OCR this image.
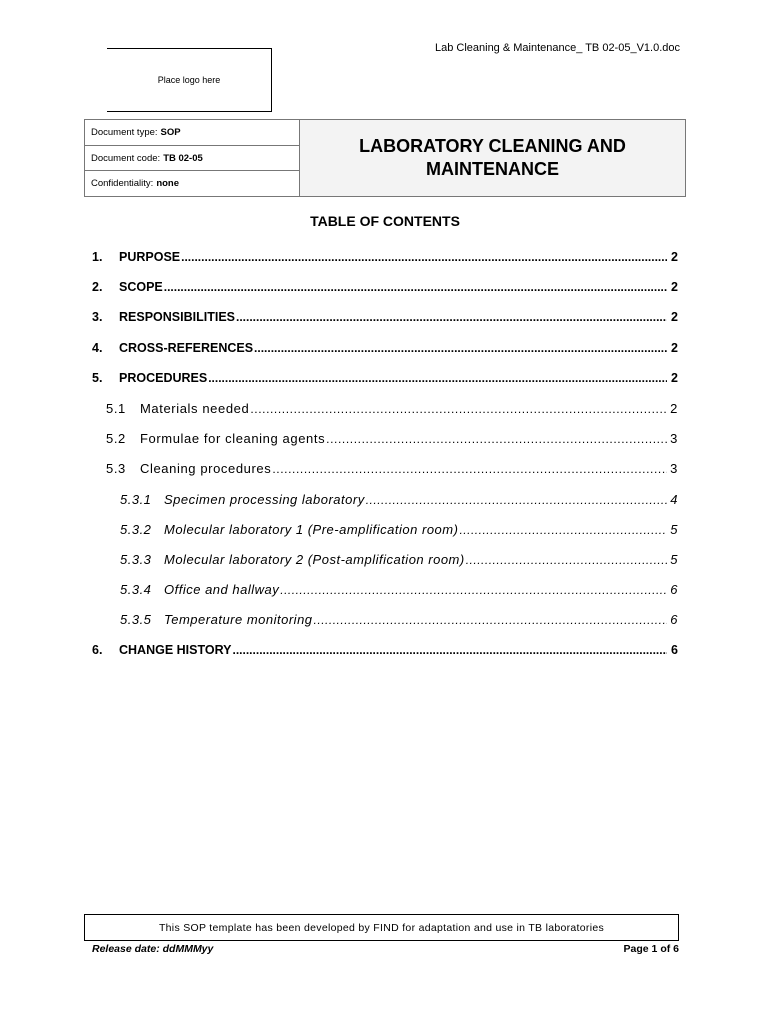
Lab Cleaning & Maintenance_ TB 02-05_V1.0.doc
Place logo here
Document type: SOP
Document code: TB 02-05
Confidentiality: none
LABORATORY CLEANING AND
MAINTENANCE
TABLE OF CONTENTS
1.	PURPOSE .....	2
2.	SCOPE .....	2
3.	RESPONSIBILITIES .....	2
4.	CROSS-REFERENCES .....	2
5.	PROCEDURES .....	2
5.1	Materials needed .....	2
5.2	Formulae for cleaning agents .....	3
5.3	Cleaning procedures .....	3
5.3.1 Specimen processing laboratory .....	4
5.3.2 Molecular laboratory 1 (Pre-amplification room) .....	5
5.3.3 Molecular laboratory 2 (Post-amplification room) .....	5
5.3.4 Office and hallway .....	6
5.3.5 Temperature monitoring .....	6
6.	CHANGE HISTORY .....	6
This SOP template has been developed by FIND for adaptation and use in TB laboratories
Release date: ddMMMyy	Page 1 of 6
